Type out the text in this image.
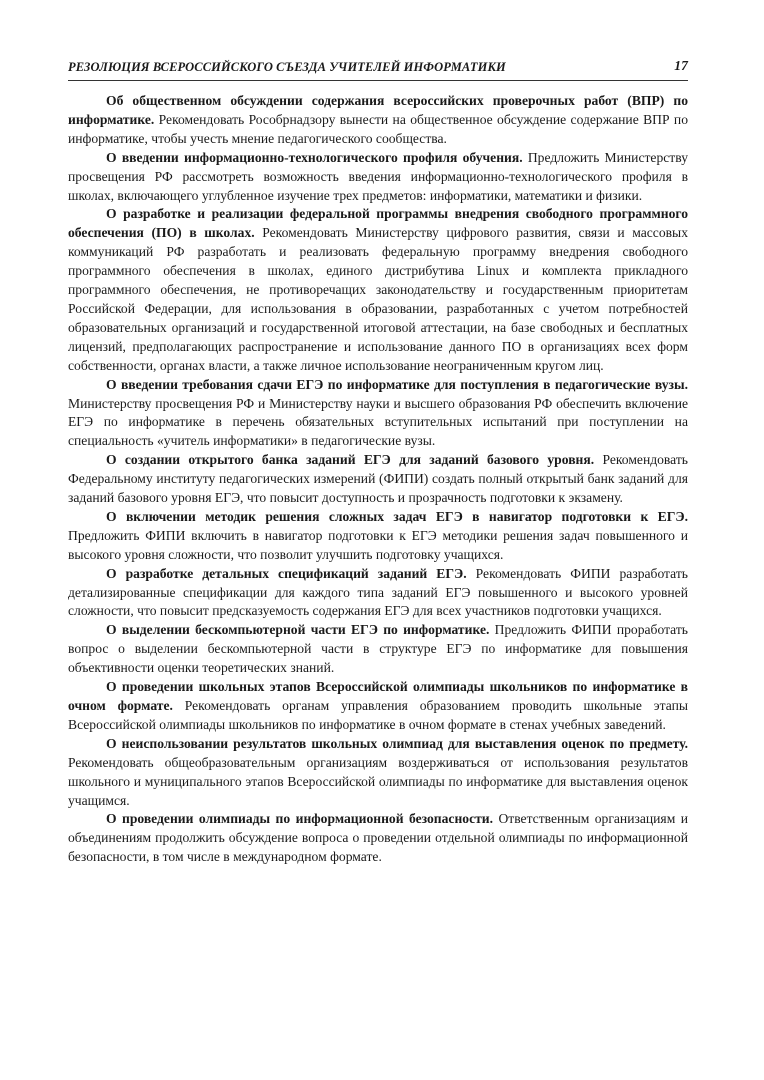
РЕЗОЛЮЦИЯ ВСЕРОССИЙСКОГО СЪЕЗДА УЧИТЕЛЕЙ ИНФОРМАТИКИ	17

Об общественном обсуждении содержания всероссийских проверочных работ (ВПР) по информатике. Рекомендовать Рособрнадзору вынести на общественное обсуждение содержание ВПР по информатике, чтобы учесть мнение педагогического сообщества.

О введении информационно-технологического профиля обучения. Предложить Министерству просвещения РФ рассмотреть возможность введения информационно-технологического профиля в школах, включающего углубленное изучение трех предметов: информатики, математики и физики.

О разработке и реализации федеральной программы внедрения свободного программного обеспечения (ПО) в школах. Рекомендовать Министерству цифрового развития, связи и массовых коммуникаций РФ разработать и реализовать федеральную программу внедрения свободного программного обеспечения в школах, единого дистрибутива Linux и комплекта прикладного программного обеспечения, не противоречащих законодательству и государственным приоритетам Российской Федерации, для использования в образовании, разработанных с учетом потребностей образовательных организаций и государственной итоговой аттестации, на базе свободных и бесплатных лицензий, предполагающих распространение и использование данного ПО в организациях всех форм собственности, органах власти, а также личное использование неограниченным кругом лиц.

О введении требования сдачи ЕГЭ по информатике для поступления в педагогические вузы. Министерству просвещения РФ и Министерству науки и высшего образования РФ обеспечить включение ЕГЭ по информатике в перечень обязательных вступительных испытаний при поступлении на специальность «учитель информатики» в педагогические вузы.

О создании открытого банка заданий ЕГЭ для заданий базового уровня. Рекомендовать Федеральному институту педагогических измерений (ФИПИ) создать полный открытый банк заданий для заданий базового уровня ЕГЭ, что повысит доступность и прозрачность подготовки к экзамену.

О включении методик решения сложных задач ЕГЭ в навигатор подготовки к ЕГЭ. Предложить ФИПИ включить в навигатор подготовки к ЕГЭ методики решения задач повышенного и высокого уровня сложности, что позволит улучшить подготовку учащихся.

О разработке детальных спецификаций заданий ЕГЭ. Рекомендовать ФИПИ разработать детализированные спецификации для каждого типа заданий ЕГЭ повышенного и высокого уровней сложности, что повысит предсказуемость содержания ЕГЭ для всех участников подготовки учащихся.

О выделении бескомпьютерной части ЕГЭ по информатике. Предложить ФИПИ проработать вопрос о выделении бескомпьютерной части в структуре ЕГЭ по информатике для повышения объективности оценки теоретических знаний.

О проведении школьных этапов Всероссийской олимпиады школьников по информатике в очном формате. Рекомендовать органам управления образованием проводить школьные этапы Всероссийской олимпиады школьников по информатике в очном формате в стенах учебных заведений.

О неиспользовании результатов школьных олимпиад для выставления оценок по предмету. Рекомендовать общеобразовательным организациям воздерживаться от использования результатов школьного и муниципального этапов Всероссийской олимпиады по информатике для выставления оценок учащимся.

О проведении олимпиады по информационной безопасности. Ответственным организациям и объединениям продолжить обсуждение вопроса о проведении отдельной олимпиады по информационной безопасности, в том числе в международном формате.
